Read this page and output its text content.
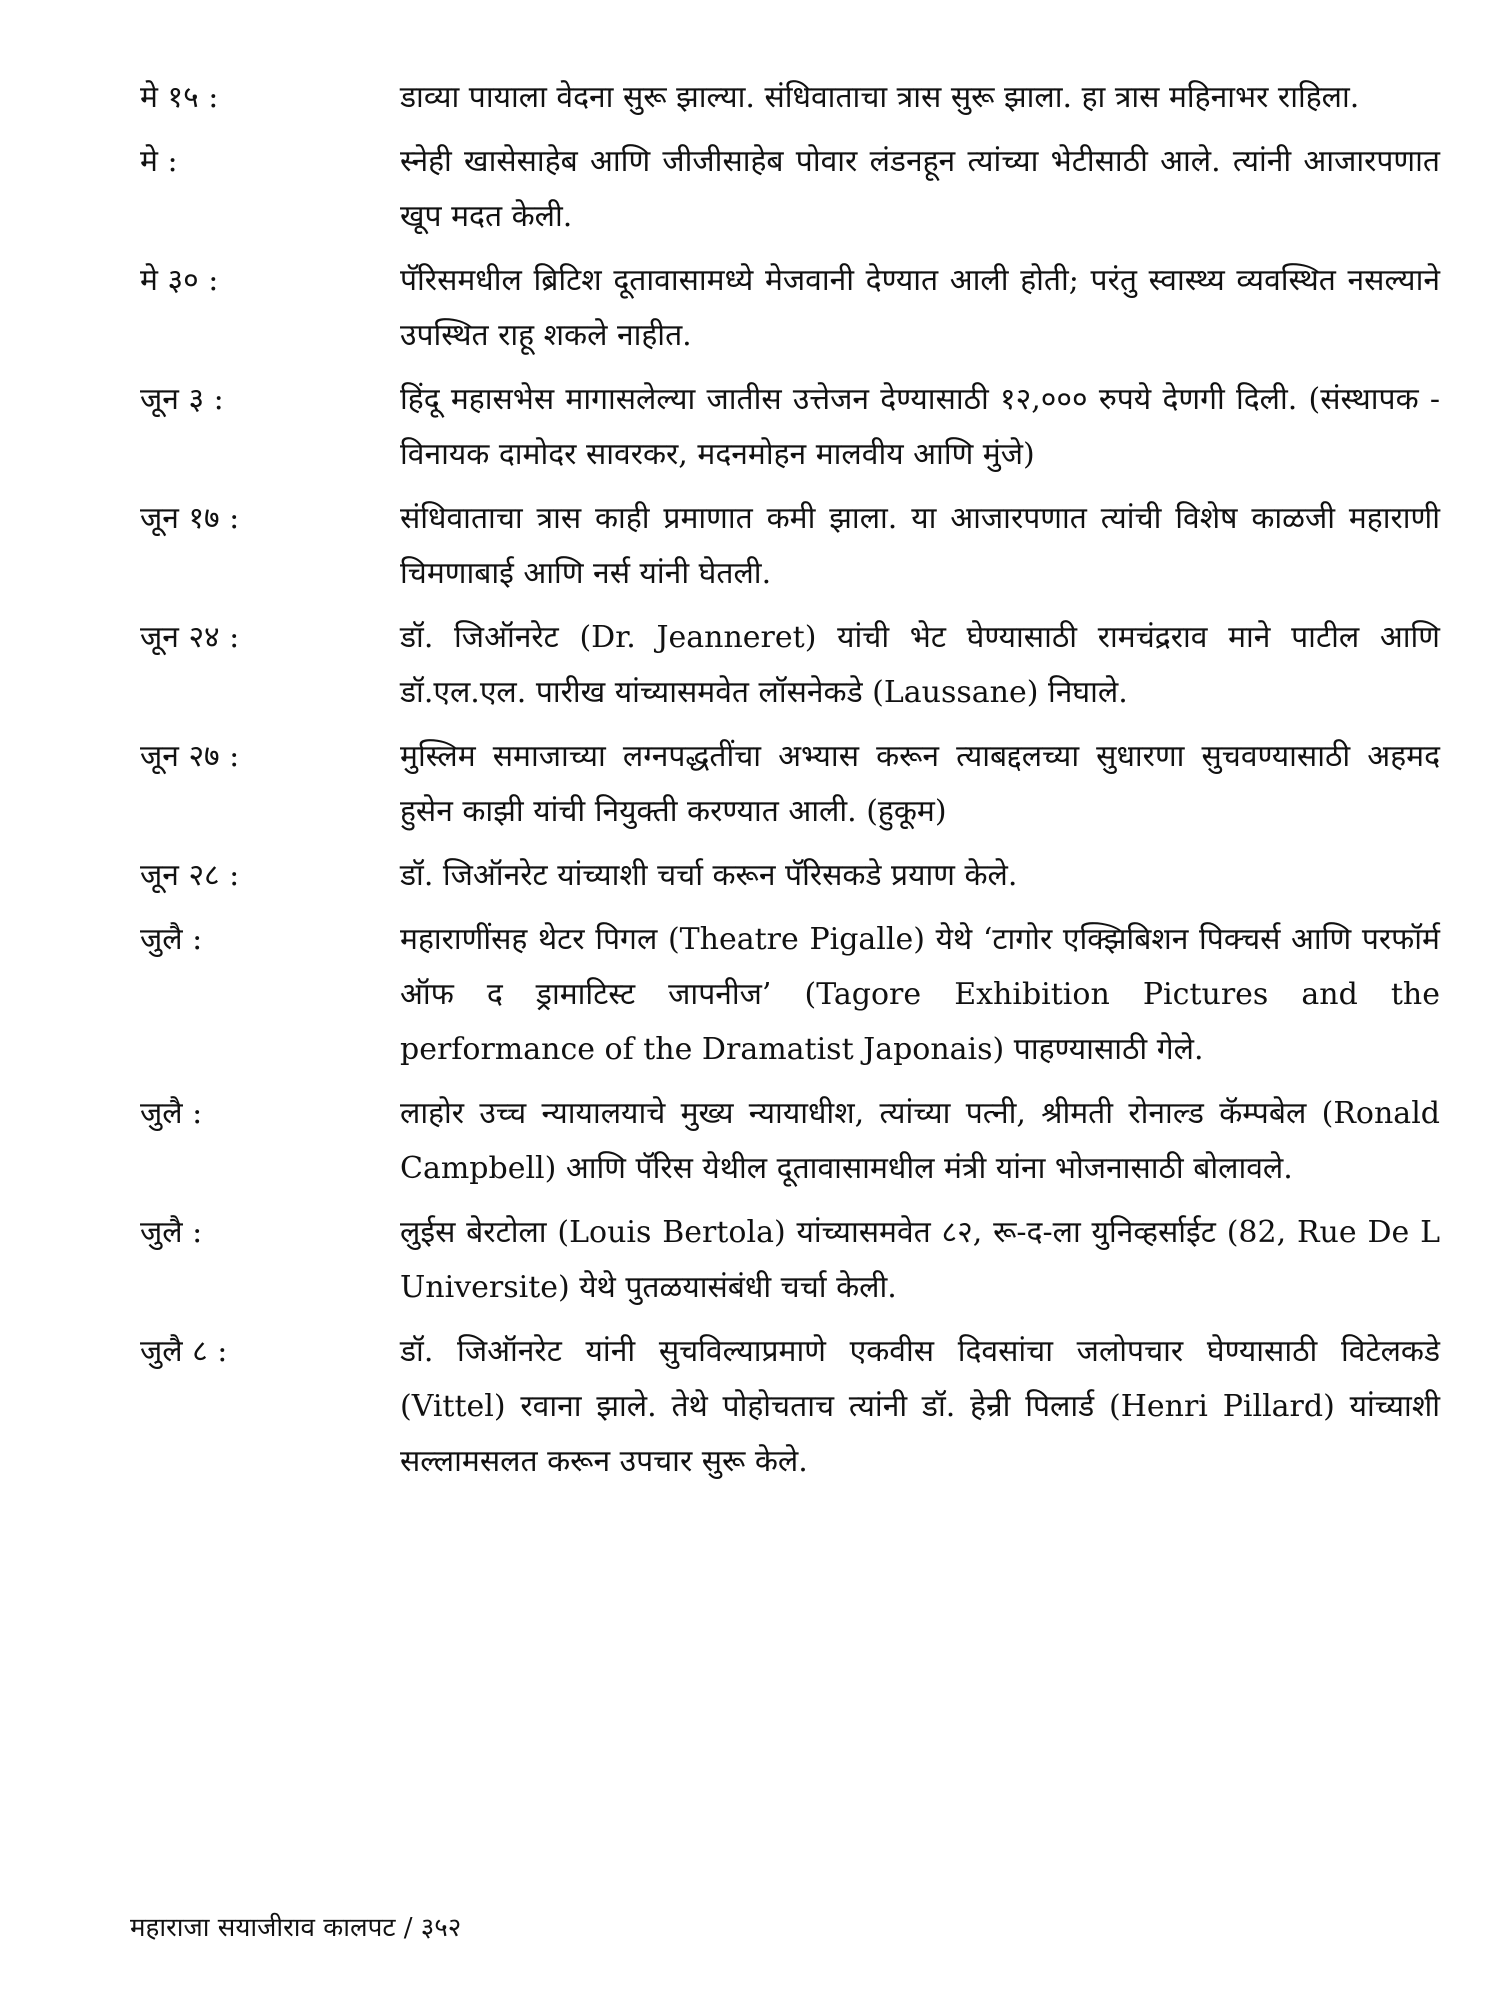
मे १५ :	डाव्या पायाला वेदना सुरू झाल्या. संधिवाताचा त्रास सुरू झाला. हा त्रास महिनाभर राहिला.
मे :	स्नेही खासेसाहेब आणि जीजीसाहेब पोवार लंडनहून त्यांच्या भेटीसाठी आले. त्यांनी आजारपणात खूप मदत केली.
मे ३० :	पॅरिसमधील ब्रिटिश दूतावासामध्ये मेजवानी देण्यात आली होती; परंतु स्वास्थ्य व्यवस्थित नसल्याने उपस्थित राहू शकले नाहीत.
जून ३ :	हिंदू महासभेस मागासलेल्या जातीस उत्तेजन देण्यासाठी १२,००० रुपये देणगी दिली. (संस्थापक - विनायक दामोदर सावरकर, मदनमोहन मालवीय आणि मुंजे)
जून १७ :	संधिवाताचा त्रास काही प्रमाणात कमी झाला. या आजारपणात त्यांची विशेष काळजी महाराणी चिमणाबाई आणि नर्स यांनी घेतली.
जून २४ :	डॉ. जिऑनरेट (Dr. Jeanneret) यांची भेट घेण्यासाठी रामचंद्रराव माने पाटील आणि डॉ.एल.एल. पारीख यांच्यासमवेत लॉसनेकडे (Laussane) निघाले.
जून २७ :	मुस्लिम समाजाच्या लग्नपद्धतींचा अभ्यास करून त्याबद्दलच्या सुधारणा सुचवण्यासाठी अहमद हुसेन काझी यांची नियुक्ती करण्यात आली. (हुकूम)
जून २८ :	डॉ. जिऑनरेट यांच्याशी चर्चा करून पॅरिसकडे प्रयाण केले.
जुलै :	महाराणींसह थेटर पिगल (Theatre Pigalle) येथे ‘टागोर एक्झिबिशन पिक्चर्स आणि परफॉर्म ऑफ द ड्रामाटिस्ट जापनीज’ (Tagore Exhibition Pictures and the performance of the Dramatist Japonais) पाहण्यासाठी गेले.
जुलै :	लाहोर उच्च न्यायालयाचे मुख्य न्यायाधीश, त्यांच्या पत्नी, श्रीमती रोनाल्ड कॅम्पबेल (Ronald Campbell) आणि पॅरिस येथील दूतावासामधील मंत्री यांना भोजनासाठी बोलावले.
जुलै :	लुईस बेरटोला (Louis Bertola) यांच्यासमवेत ८२, रू-द-ला युनिव्हर्साईट (82, Rue De L Universite) येथे पुतळयासंबंधी चर्चा केली.
जुलै ८ :	डॉ. जिऑनरेट यांनी सुचविल्याप्रमाणे एकवीस दिवसांचा जलोपचार घेण्यासाठी विटेलकडे (Vittel) रवाना झाले. तेथे पोहोचताच त्यांनी डॉ. हेन्री पिलार्ड (Henri Pillard) यांच्याशी सल्लामसलत करून उपचार सुरू केले.
महाराजा सयाजीराव कालपट / ३५२
